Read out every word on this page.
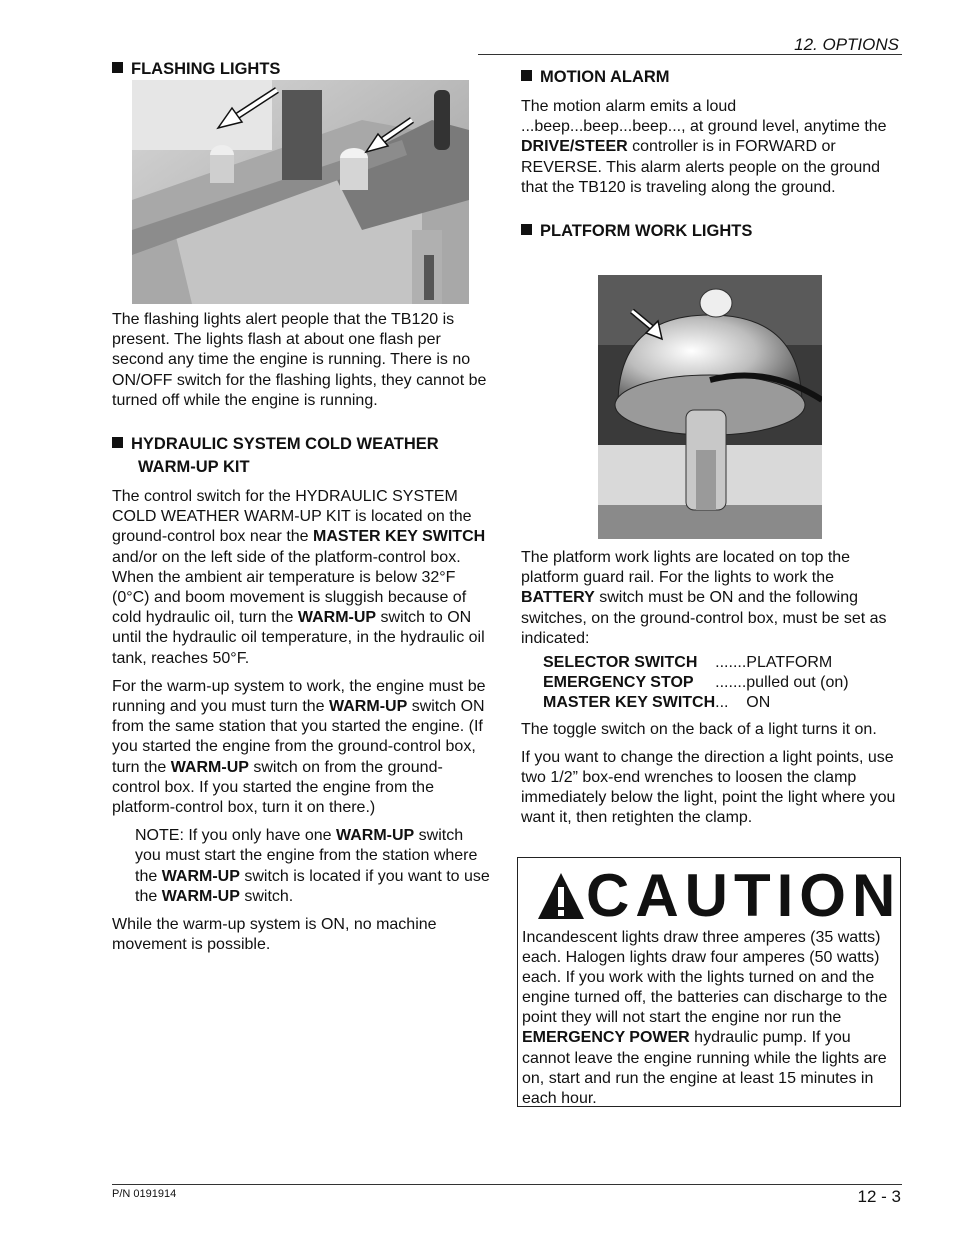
12. OPTIONS
FLASHING LIGHTS

The flashing lights alert people that the TB120 is present. The lights flash at about one flash per second any time the engine is running. There is no ON/OFF switch for the flashing lights, they cannot be turned off while the engine is running.

HYDRAULIC SYSTEM COLD WEATHER
WARM-UP KIT

The control switch for the HYDRAULIC SYSTEM COLD WEATHER WARM-UP KIT is located on the ground-control box near the MASTER KEY SWITCH and/or on the left side of the platform-control box. When the ambient air temperature is below 32°F (0°C) and boom movement is sluggish because of cold hydraulic oil, turn the WARM-UP switch to ON until the hydraulic oil temperature, in the hydraulic oil tank, reaches 50°F.

For the warm-up system to work, the engine must be running and you must turn the WARM-UP switch ON from the same station that you started the engine. (If you started the engine from the ground-control box, turn the WARM-UP switch on from the ground-control box. If you started the engine from the platform-control box, turn it on there.)

NOTE: If you only have one WARM-UP switch you must start the engine from the station where the WARM-UP switch is located if you want to use the WARM-UP switch.

While the warm-up system is ON, no machine movement is possible.

MOTION ALARM

The motion alarm emits a loud ...beep...beep...beep..., at ground level, anytime the DRIVE/STEER controller is in FORWARD or REVERSE. This alarm alerts people on the ground that the TB120 is traveling along the ground.

PLATFORM WORK LIGHTS

The platform work lights are located on top the platform guard rail. For the lights to work the BATTERY switch must be ON and the following switches, on the ground-control box, must be set as indicated:

SELECTOR SWITCH	.......	PLATFORM
EMERGENCY STOP	.......	pulled out (on)
MASTER KEY SWITCH	...	ON

The toggle switch on the back of a light turns it on.

If you want to change the direction a light points, use two 1/2” box-end wrenches to loosen the clamp immediately below the light, point the light where you want it, then retighten the clamp.

CAUTION
Incandescent lights draw three amperes (35 watts) each. Halogen lights draw four amperes (50 watts) each. If you work with the lights turned on and the engine turned off, the batteries can discharge to the point they will not start the engine nor run the EMERGENCY POWER hydraulic pump. If you cannot leave the engine running while the lights are on, start and run the engine at least 15 minutes in each hour.
P/N 0191914	12 - 3
